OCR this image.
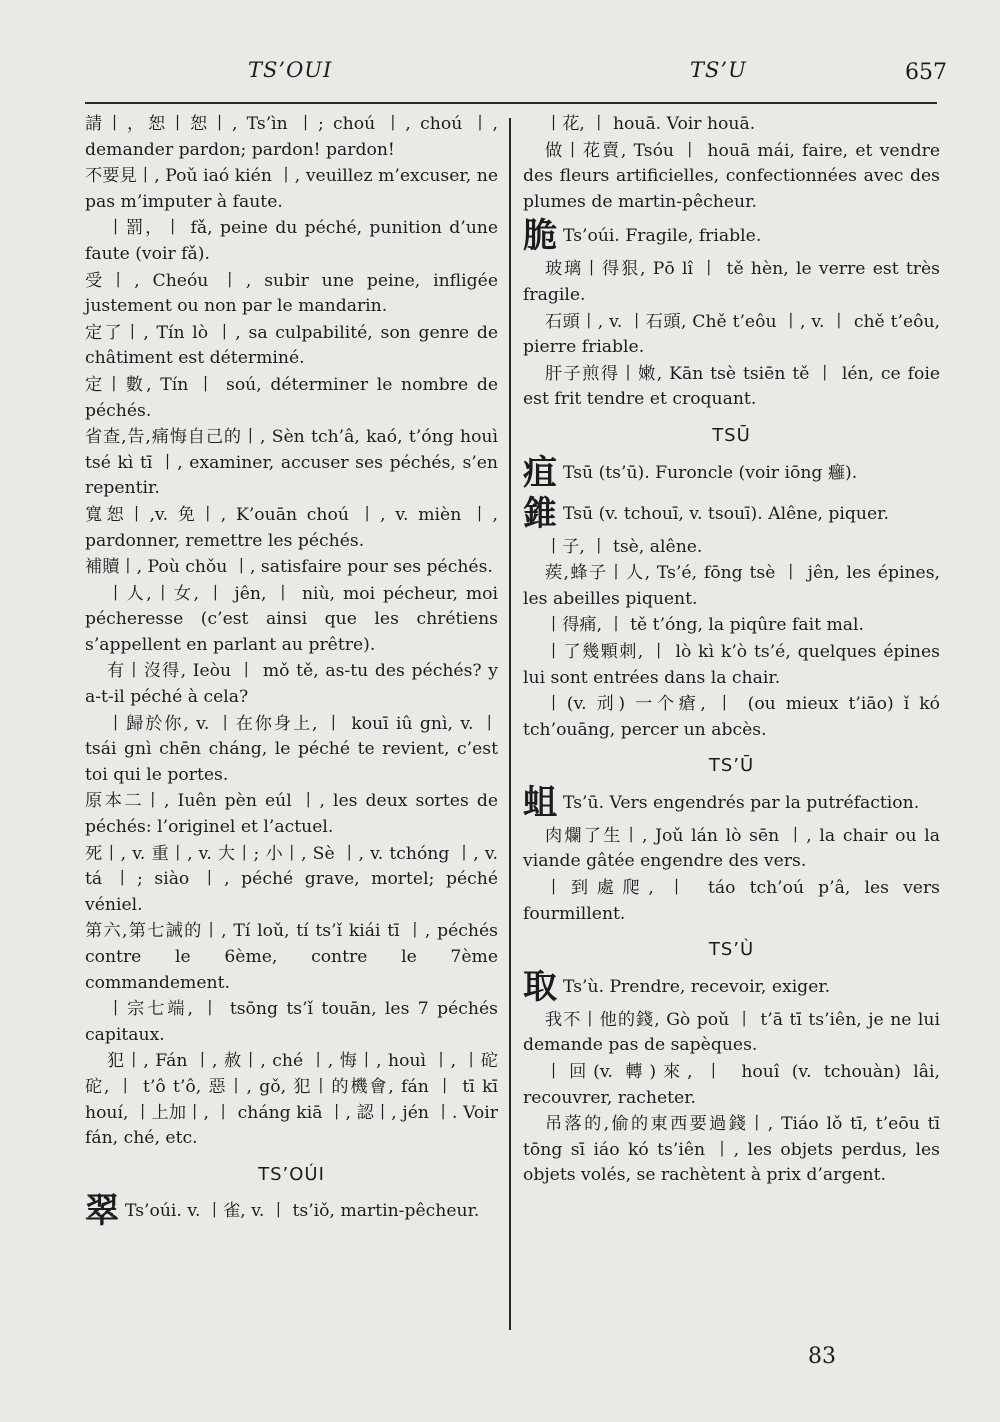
TS’OUI	TS’U	657
請丨，恕丨恕丨, Ts’ìn 丨; choú 丨, choú 丨, demander pardon; pardon! pardon!
不要見丨, Poǔ iaó kién 丨, veuillez m’excuser, ne pas m’imputer à faute.
丨罰，丨 fǎ, peine du péché, punition d’une faute (voir fǎ).
受丨, Cheóu 丨, subir une peine, infligée justement ou non par le mandarin.
定了丨, Tín lò 丨, sa culpabilité, son genre de châtiment est déterminé.
定丨數, Tín 丨 soú, déterminer le nombre de péchés.
省查,告,痛悔自己的丨, Sèn tch’â, kaó, t’óng houì tsé kì tī 丨, examiner, accuser ses péchés, s’en repentir.
寬恕丨,v. 免丨, K’ouān choú 丨, v. mièn 丨, pardonner, remettre les péchés.
補贖丨, Poù chǒu 丨, satisfaire pour ses péchés.
丨人,丨女, 丨 jên, 丨 niù, moi pécheur, moi pécheresse (c’est ainsi que les chrétiens s’appellent en parlant au prêtre).
有丨沒得, Ieòu 丨 mǒ tě, as-tu des péchés? y a-t-il péché à cela?
丨歸於你, v. 丨在你身上, 丨 kouī iû gnì, v. 丨 tsái gnì chēn cháng, le péché te revient, c’est toi qui le portes.
原本二丨, Iuên pèn eúl 丨, les deux sortes de péchés: l’originel et l’actuel.
死丨, v. 重丨, v. 大丨; 小丨, Sè 丨, v. tchóng 丨, v. tá 丨; siào 丨, péché grave, mortel; péché véniel.
第六,第七誡的丨, Tí loǔ, tí ts’ǐ kiái tī 丨, péchés contre le 6ème, contre le 7ème commandement.
丨宗七端, 丨 tsōng ts’ǐ touān, les 7 péchés capitaux.
犯丨, Fán 丨, 赦丨, ché 丨, 悔丨, houì 丨, 丨砣砣, 丨 t’ô t’ô, 惡丨, gǒ, 犯丨的機會, fán 丨 tī kī houí, 丨上加丨, 丨 cháng kiā 丨, 認丨, jén 丨. Voir fán, ché, etc.
TS’OÚI
翠 Ts’oúi. v. 丨雀, v. 丨 ts’iǒ, martin-pêcheur.
丨花, 丨 houā. Voir houā.
做丨花賣, Tsóu 丨 houā mái, faire, et vendre des fleurs artificielles, confectionnées avec des plumes de martin-pêcheur.
脆 Ts’oúi. Fragile, friable.
玻璃丨得狠, Pō lî 丨 tě hèn, le verre est très fragile.
石頭丨, v. 丨石頭, Chě t’eôu 丨, v. 丨 chě t’eôu, pierre friable.
肝子煎得丨嫩, Kān tsè tsiēn tě 丨 lén, ce foie est frit tendre et croquant.
TSŪ
疽 Tsū (ts’ū). Furoncle (voir iōng 癰).
錐 Tsū (v. tchouī, v. tsouī). Alêne, piquer.
丨子, 丨 tsè, alêne.
蒺,蜂子丨人, Ts’é, fōng tsè 丨 jên, les épines, les abeilles piquent.
丨得痛, 丨 tě t’óng, la piqûre fait mal.
丨了幾顆刺, 丨 lò kì k’ò ts’é, quelques épines lui sont entrées dans la chair.
丨(v. 刓) 一个瘡, 丨 (ou mieux t’iāo) ǐ kó tch’ouāng, percer un abcès.
TS’Ū
蛆 Ts’ū. Vers engendrés par la putréfaction.
肉爛了生丨, Joǔ lán lò sēn 丨, la chair ou la viande gâtée engendre des vers.
丨到處爬, 丨 táo tch’oú p’â, les vers fourmillent.
TS’Ù
取 Ts’ù. Prendre, recevoir, exiger.
我不丨他的錢, Gò poǔ 丨 t’ā tī ts’iên, je ne lui demande pas de sapèques.
丨回(v. 轉)來, 丨 houî (v. tchouàn) lâi, recouvrer, racheter.
吊落的,偷的東西要過錢丨, Tiáo lǒ tī, t’eōu tī tōng sī iáo kó ts’iên 丨, les objets perdus, les objets volés, se rachètent à prix d’argent.
83
